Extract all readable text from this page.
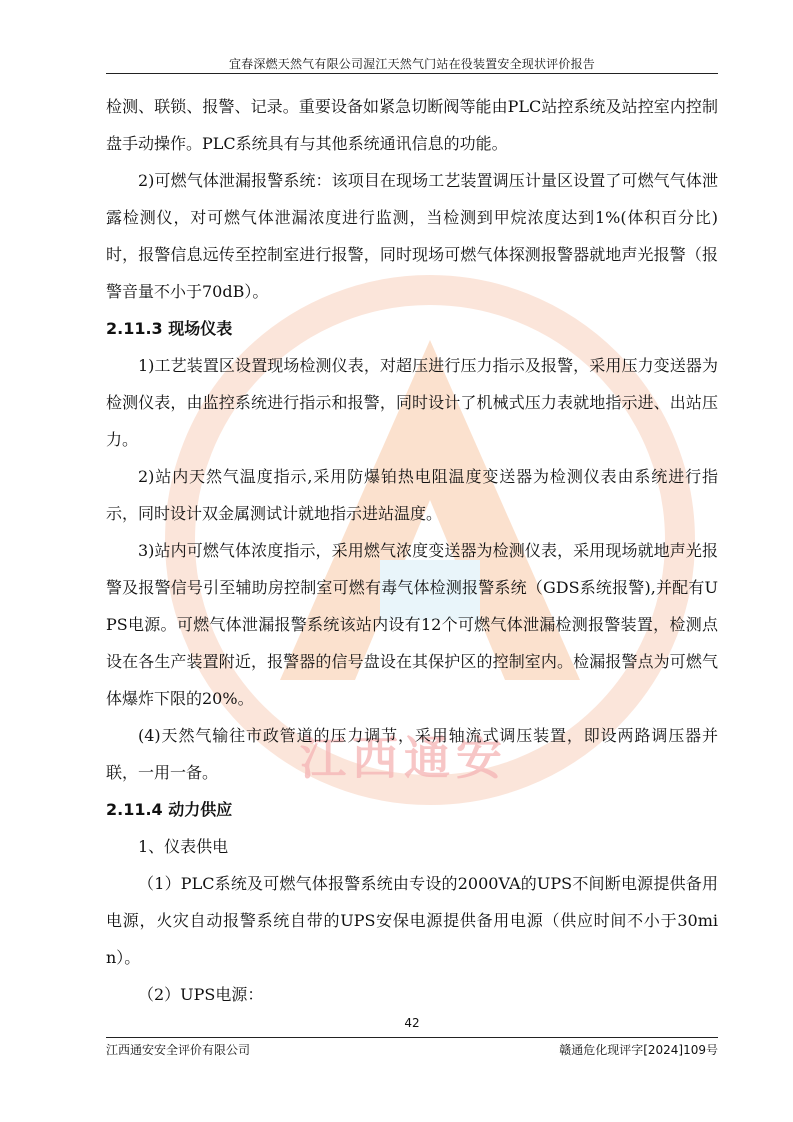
宜春深燃天然气有限公司渥江天然气门站在役装置安全现状评价报告
江西通安

检测、联锁、报警、记录。重要设备如紧急切断阀等能由PLC站控系统及站控室内控制盘手动操作。PLC系统具有与其他系统通讯信息的功能。

2)可燃气体泄漏报警系统：该项目在现场工艺装置调压计量区设置了可燃气气体泄露检测仪，对可燃气体泄漏浓度进行监测，当检测到甲烷浓度达到1%(体积百分比)时，报警信息远传至控制室进行报警，同时现场可燃气体探测报警器就地声光报警（报警音量不小于70dB）。

2.11.3 现场仪表

1)工艺装置区设置现场检测仪表，对超压进行压力指示及报警，采用压力变送器为检测仪表，由监控系统进行指示和报警，同时设计了机械式压力表就地指示进、出站压力。

2)站内天然气温度指示,采用防爆铂热电阻温度变送器为检测仪表由系统进行指示，同时设计双金属测试计就地指示进站温度。

3)站内可燃气体浓度指示，采用燃气浓度变送器为检测仪表，采用现场就地声光报警及报警信号引至辅助房控制室可燃有毒气体检测报警系统（GDS系统报警),并配有UPS电源。可燃气体泄漏报警系统该站内设有12个可燃气体泄漏检测报警装置，检测点设在各生产装置附近，报警器的信号盘设在其保护区的控制室内。检漏报警点为可燃气体爆炸下限的20%。

(4)天然气输往市政管道的压力调节，采用轴流式调压装置，即设两路调压器并联，一用一备。

2.11.4 动力供应

1、仪表供电

（1）PLC系统及可燃气体报警系统由专设的2000VA的UPS不间断电源提供备用电源，火灾自动报警系统自带的UPS安保电源提供备用电源（供应时间不小于30min）。

（2）UPS电源：

42
江西通安安全评价有限公司	赣通危化现评字[2024]109号
